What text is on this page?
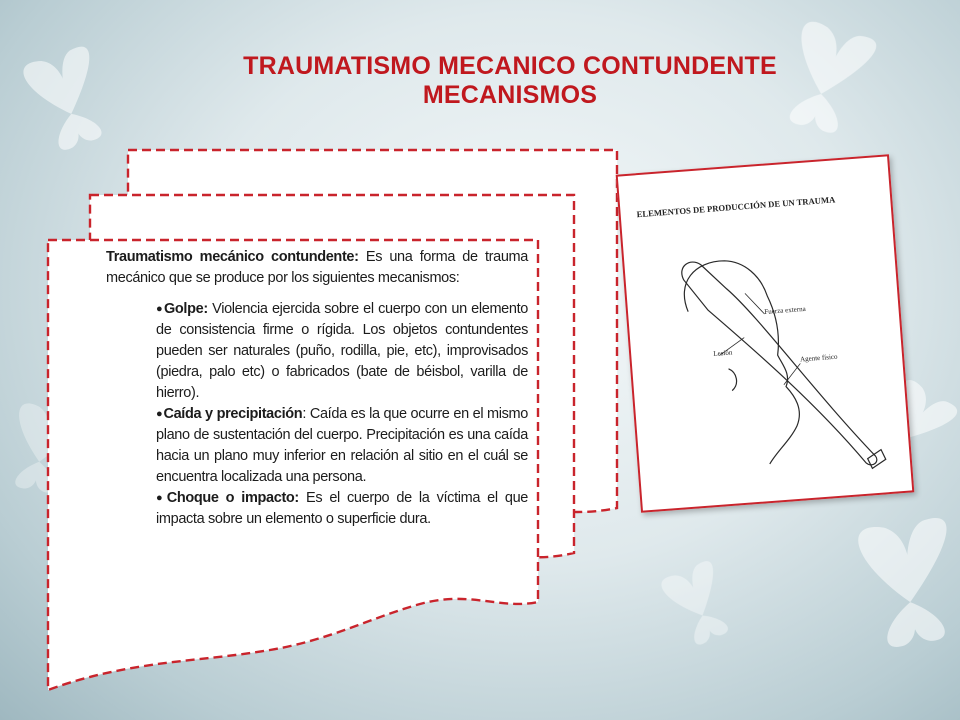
TRAUMATISMO MECANICO CONTUNDENTE
MECANISMOS

Traumatismo mecánico contundente: Es una forma de trauma mecánico que se produce por los siguientes mecanismos:

●Golpe: Violencia ejercida sobre el cuerpo con un elemento de consistencia firme o rígida. Los objetos contundentes pueden ser naturales (puño, rodilla, pie, etc), improvisados (piedra, palo etc) o fabricados (bate de béisbol, varilla de hierro).
●Caída y precipitación: Caída es la que ocurre en el mismo plano de sustentación del cuerpo. Precipitación es una caída hacia un plano muy inferior en relación al sitio en el cuál se encuentra localizada una persona.
●Choque o impacto: Es el cuerpo de la víctima el que impacta sobre un elemento o superficie dura.
ELEMENTOS DE PRODUCCIÓN DE UN TRAUMA
Fuerza externa
Lesión	Agente físico
